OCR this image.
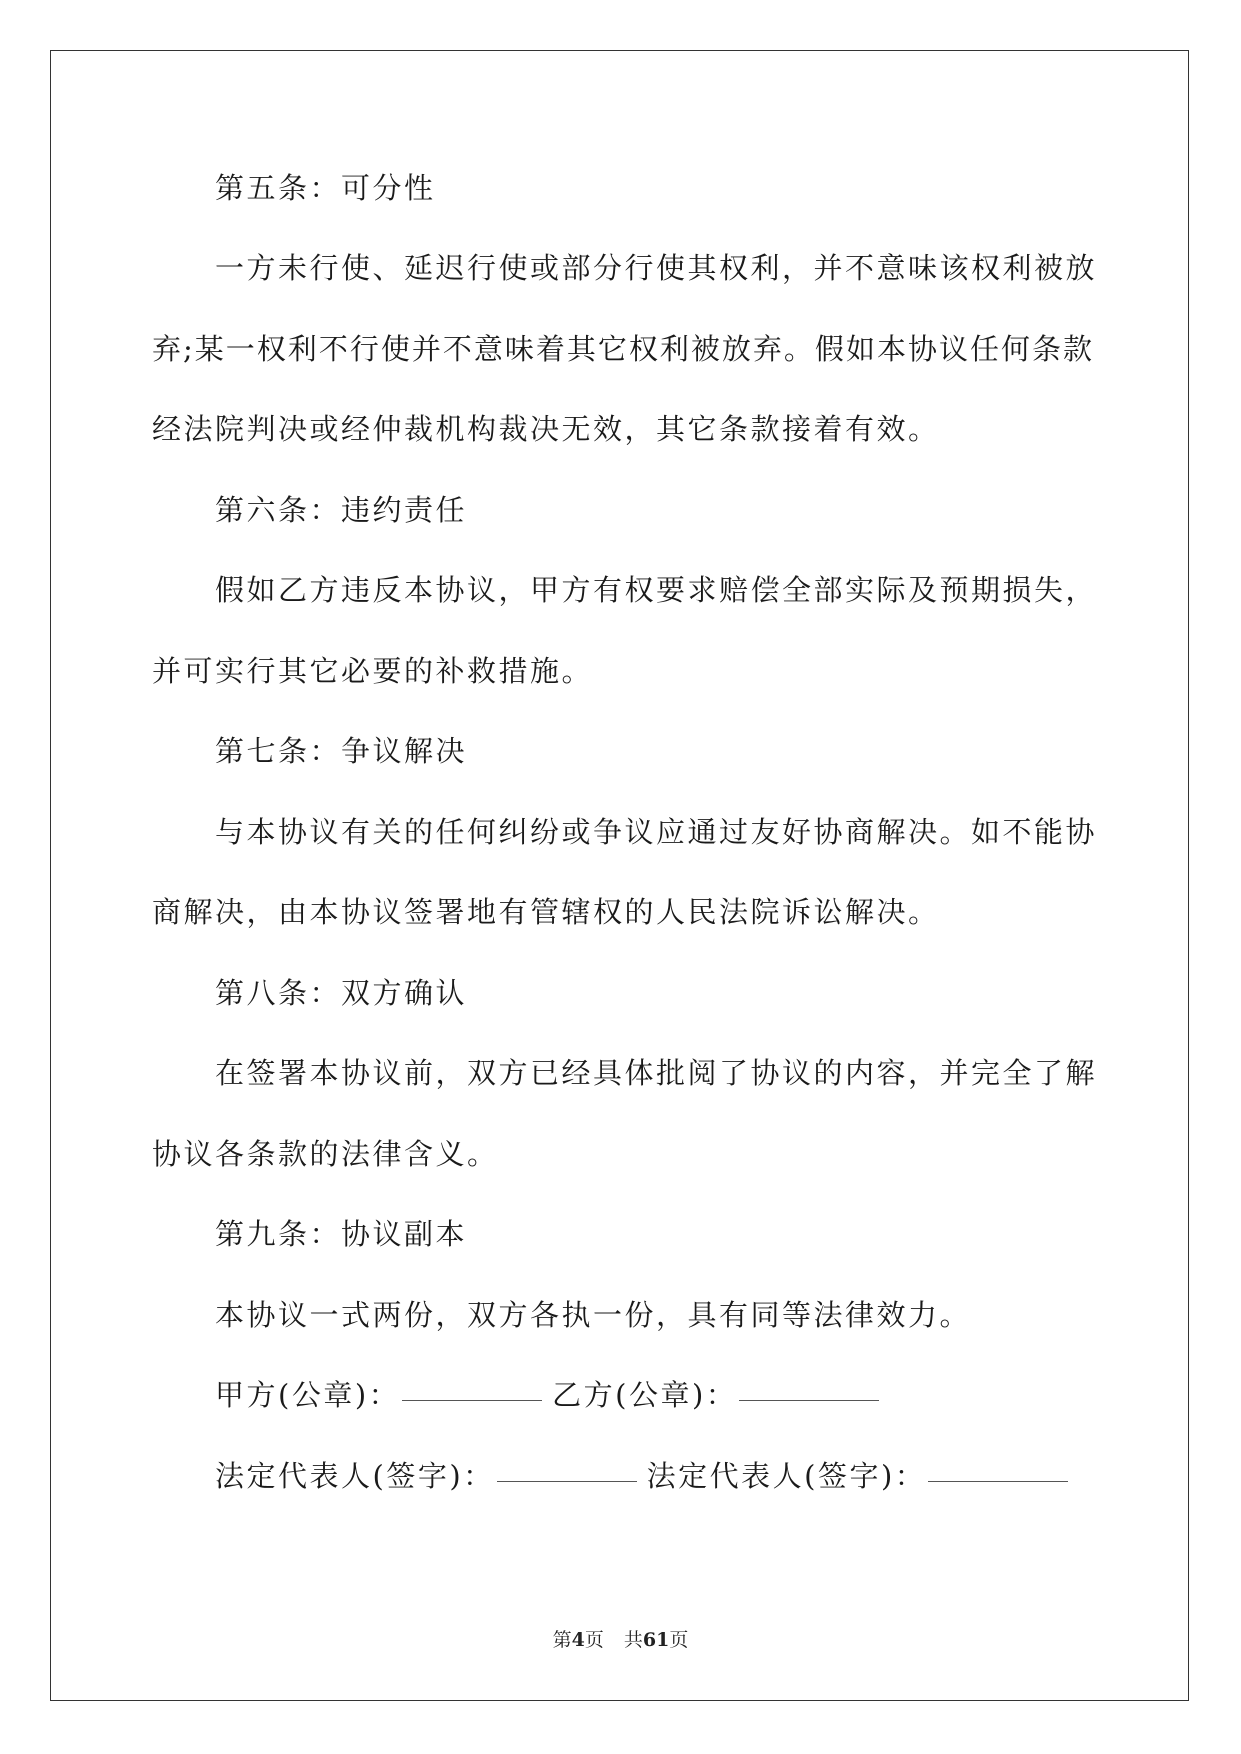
第五条：可分性
一方未行使、延迟行使或部分行使其权利，并不意味该权利被放
弃;某一权利不行使并不意味着其它权利被放弃。假如本协议任何条款
经法院判决或经仲裁机构裁决无效，其它条款接着有效。
第六条：违约责任
假如乙方违反本协议，甲方有权要求赔偿全部实际及预期损失，
并可实行其它必要的补救措施。
第七条：争议解决
与本协议有关的任何纠纷或争议应通过友好协商解决。如不能协
商解决，由本协议签署地有管辖权的人民法院诉讼解决。
第八条：双方确认
在签署本协议前，双方已经具体批阅了协议的内容，并完全了解
协议各条款的法律含义。
第九条：协议副本
本协议一式两份，双方各执一份，具有同等法律效力。
甲方(公章)：	乙方(公章)：
法定代表人(签字)：	法定代表人(签字)：
第4页 共61页
